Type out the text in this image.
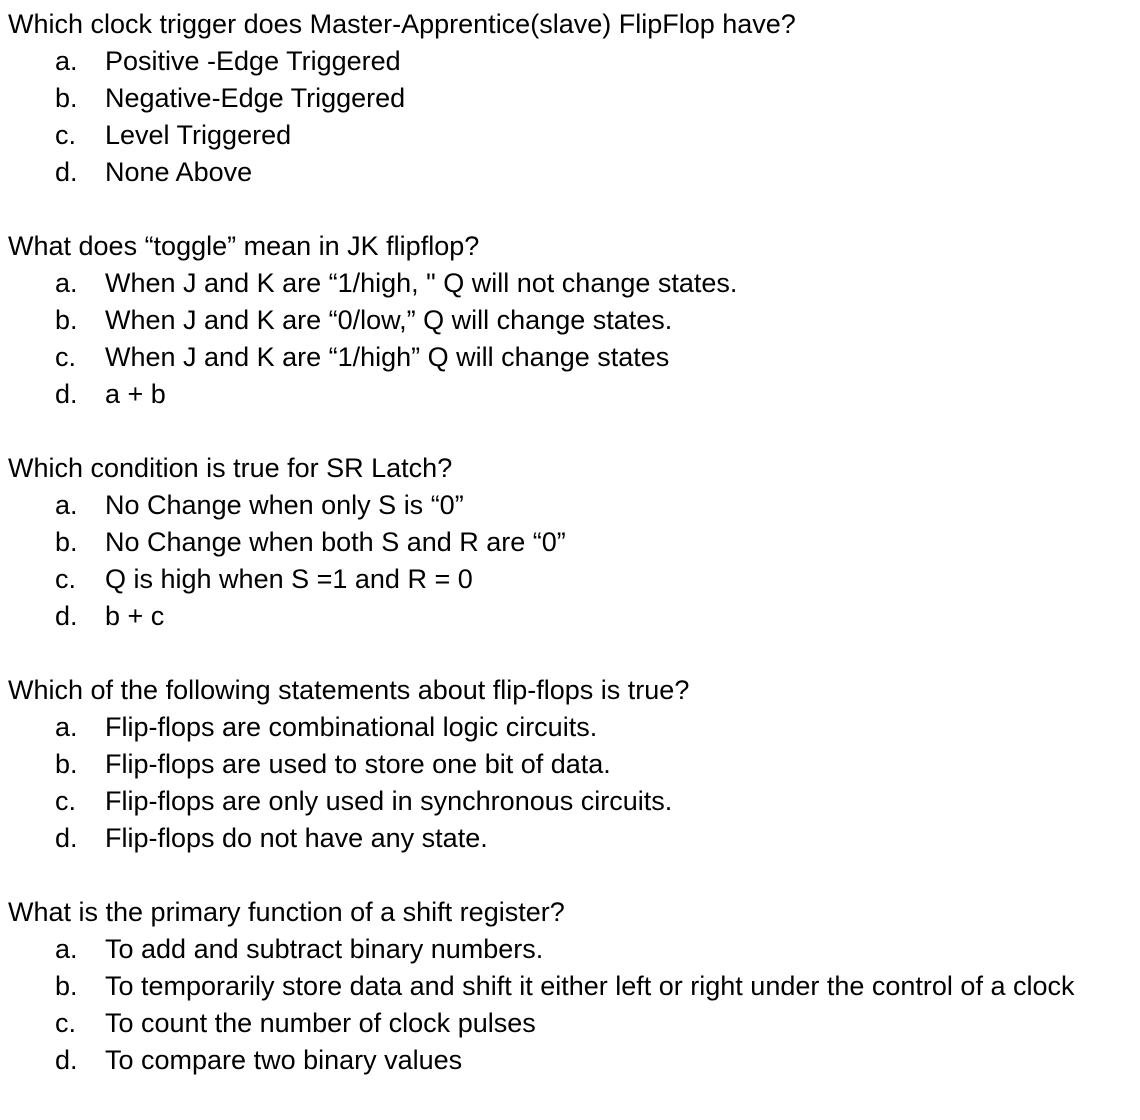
Which clock trigger does Master-Apprentice(slave) FlipFlop have?

a.	Positive -Edge Triggered
b.	Negative-Edge Triggered
c.	Level Triggered
d.	None Above

What does “toggle” mean in JK flipflop?

a.	When J and K are “1/high, " Q will not change states.
b.	When J and K are “0/low,” Q will change states.
c.	When J and K are “1/high” Q will change states
d.	a + b

Which condition is true for SR Latch?

a.	No Change when only S is “0”
b.	No Change when both S and R are “0”
c.	Q is high when S =1 and R = 0
d.	b + c

Which of the following statements about flip-flops is true?

a.	Flip-flops are combinational logic circuits.
b.	Flip-flops are used to store one bit of data.
c.	Flip-flops are only used in synchronous circuits.
d.	Flip-flops do not have any state.

What is the primary function of a shift register?

a.	To add and subtract binary numbers.
b.	To temporarily store data and shift it either left or right under the control of a clock
c.	To count the number of clock pulses
d.	To compare two binary values
